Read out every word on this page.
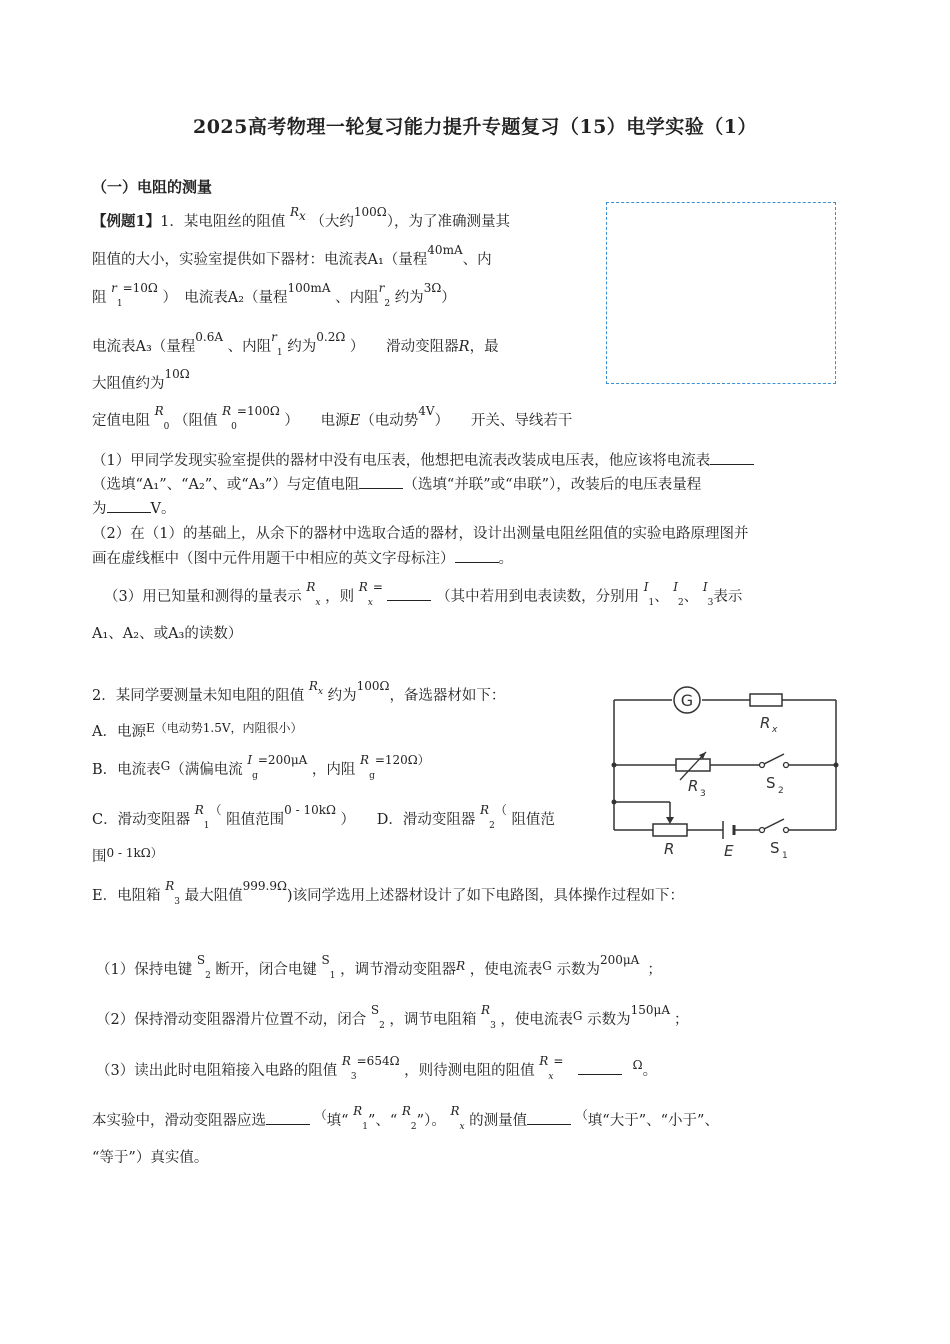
2025高考物理一轮复习能力提升专题复习（15）电学实验（1）
（一）电阻的测量
【例题1】1．某电阻丝的阻值 $^{Rx}$ （大约$^{100\Omega}$），为了准确测量其
阻值的大小，实验室提供如下器材：电流表A₁（量程$^{40mA}$、内
阻 $^r_1^{=10\Omega}$ ）　电流表A₂（量程$^{100mA}$ 、内阻$^r_2$ 约为$^{3\Omega}$）
电流表A₃（量程$^{0.6A}$ 、内阻$^r_1$ 约为$^{0.2\Omega}$ ）　　滑动变阻器R，最
大阻值约为$^{10\Omega}$
定值电阻 $^R_0$ （阻值 $^R_0^{=100\Omega}$ ）　　电源E（电动势$^{4V}$）　　开关、导线若干
（1）甲同学发现实验室提供的器材中没有电压表，他想把电流表改装成电压表，他应该将电流表
（选填“A₁”、“A₂”、或“A₃”）与定值电阻	（选填“并联”或“串联”），改装后的电压表量程
为	V。
（2）在（1）的基础上，从余下的器材中选取合适的器材，设计出测量电阻丝阻值的实验电路原理图并
画在虚线框中（图中元件用题干中相应的英文字母标注）	。
（3）用已知量和测得的量表示 $^R_x$ ，则 $^R_x$=  （其中若用到电表读数，分别用 $^I_1$、 $^I_2$、 $^I_3$表示
A₁、A₂、或A₃的读数）
2．某同学要测量未知电阻的阻值 $^{Rx}$ 约为$^{100\Omega}$，备选器材如下：
A．电源$^{E(电动势1.5V,内阻很小)}$
B．电流表$^G$（满偏电流 $^I_g^{=200\mu A}$ ，内阻 $^R_g^{=120\Omega)}$
C．滑动变阻器 $^R_1$（ 阻值范围$^{0 - 10k\Omega}$ ）　　D．滑动变阻器 $^R_2$（ 阻值范
围$^{0 - 1k\Omega)}$
E．电阻箱 $^R_3$ 最大阻值$^{999.9\Omega}$)该同学选用上述器材设计了如下电路图，具体操作过程如下：
G
R x
R 3
S 2
R	E S 1
（1）保持电键 $^S_2$ 断开，闭合电键 $^S_1$ ，调节滑动变阻器$^R$ ，使电流表$^G$ 示数为$^{200\mu A}$；
（2）保持滑动变阻器滑片位置不动，闭合 $^S_2$ ，调节电阻箱 $^R_3$ ，使电流表$^G$ 示数为$^{150\mu A}$；
（3）读出此时电阻箱接入电路的阻值 $^R_3^{=654\Omega}$ ，则待测电阻的阻值 $^R_x$=	$^\Omega$。
本实验中，滑动变阻器应选	（填“ $^R_1$”、“ $^R_2$”）。 $^R_x$ 的测量值	（填“大于”、“小于”、
“等于”）真实值。
